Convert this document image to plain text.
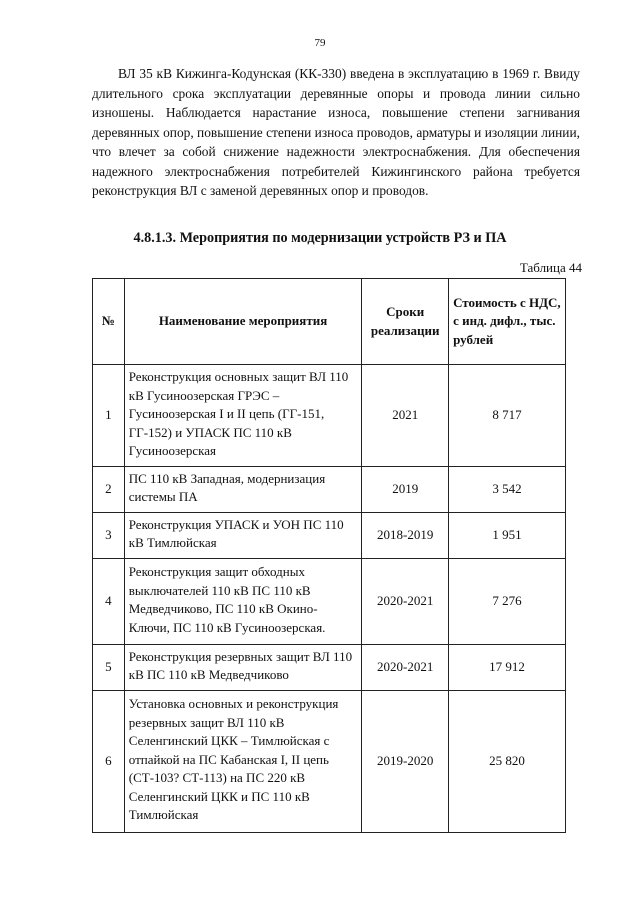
79

ВЛ 35 кВ Кижинга-Кодунская (КК-330) введена в эксплуатацию в 1969 г. Ввиду длительного срока эксплуатации деревянные опоры и провода линии сильно изношены. Наблюдается нарастание износа, повышение степени загнивания деревянных опор, повышение степени износа проводов, арматуры и изоляции линии, что влечет за собой снижение надежности электроснабжения. Для обеспечения надежного электроснабжения потребителей Кижингинского района требуется реконструкция ВЛ с заменой деревянных опор и проводов.

4.8.1.3. Мероприятия по модернизации устройств РЗ и ПА
Таблица 44
№	Наименование мероприятия	Сроки реализации	Стоимость с НДС, с инд. дифл., тыс. рублей
1	Реконструкция основных защит ВЛ 110 кВ Гусиноозерская ГРЭС – Гусиноозерская I и II цепь (ГГ-151, ГГ-152) и УПАСК ПС 110 кВ Гусиноозерская	2021	8 717
2	ПС 110 кВ Западная, модернизация системы ПА	2019	3 542
3	Реконструкция УПАСК и УОН ПС 110 кВ Тимлюйская	2018-2019	1 951
4	Реконструкция защит обходных выключателей 110 кВ ПС 110 кВ Медведчиково, ПС 110 кВ Окино-Ключи, ПС 110 кВ Гусиноозерская.	2020-2021	7 276
5	Реконструкция резервных защит ВЛ 110 кВ ПС 110 кВ Медведчиково	2020-2021	17 912
6	Установка основных и реконструкция резервных защит ВЛ 110 кВ Селенгинский ЦКК – Тимлюйская с отпайкой на ПС Кабанская I, II цепь (СТ-103? СТ-113) на ПС 220 кВ Селенгинский ЦКК и ПС 110 кВ Тимлюйская	2019-2020	25 820
